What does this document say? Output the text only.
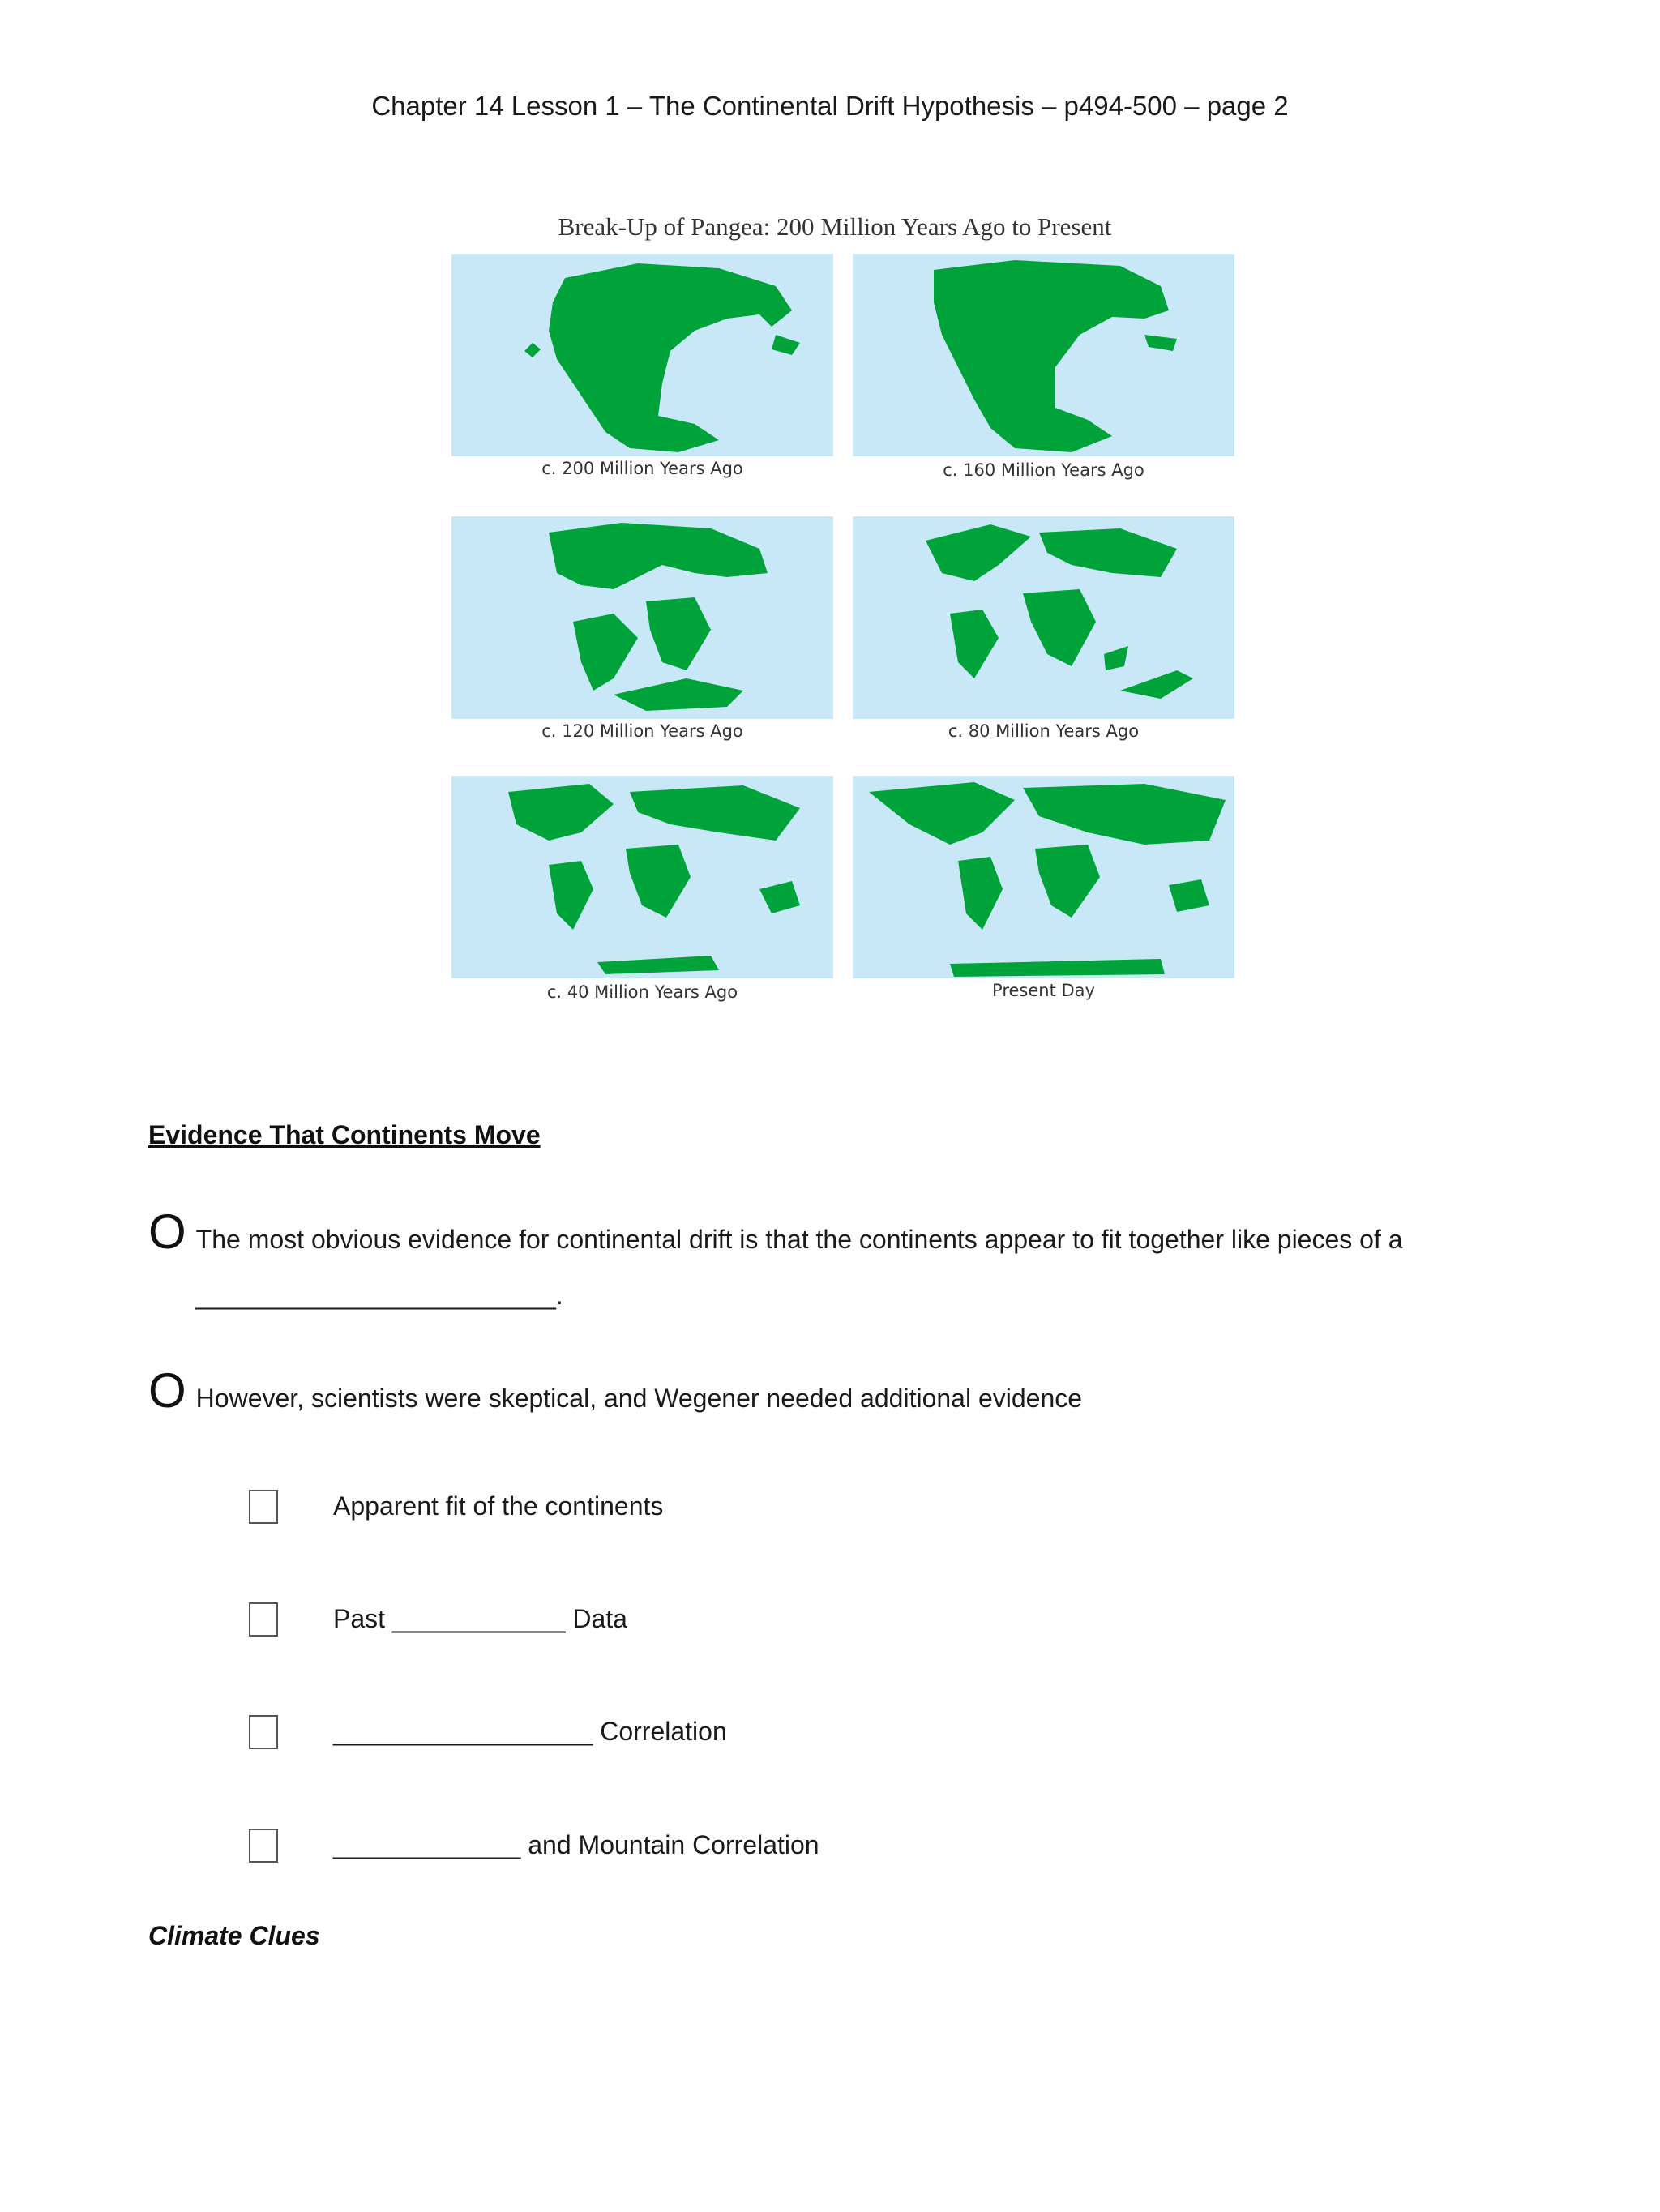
Chapter 14 Lesson 1 – The Continental Drift Hypothesis – p494-500 – page 2
Break-Up of Pangea: 200 Million Years Ago to Present
c. 200 Million Years Ago	c. 160 Million Years Ago
c. 120 Million Years Ago	c. 80 Million Years Ago
c. 40 Million Years Ago	Present Day
Evidence That Continents Move
O The most obvious evidence for continental drift is that the continents appear to fit together like pieces of a
_________________________.
O However, scientists were skeptical, and Wegener needed additional evidence
Apparent fit of the continents
Past ____________ Data
__________________ Correlation
_____________ and Mountain Correlation
Climate Clues
